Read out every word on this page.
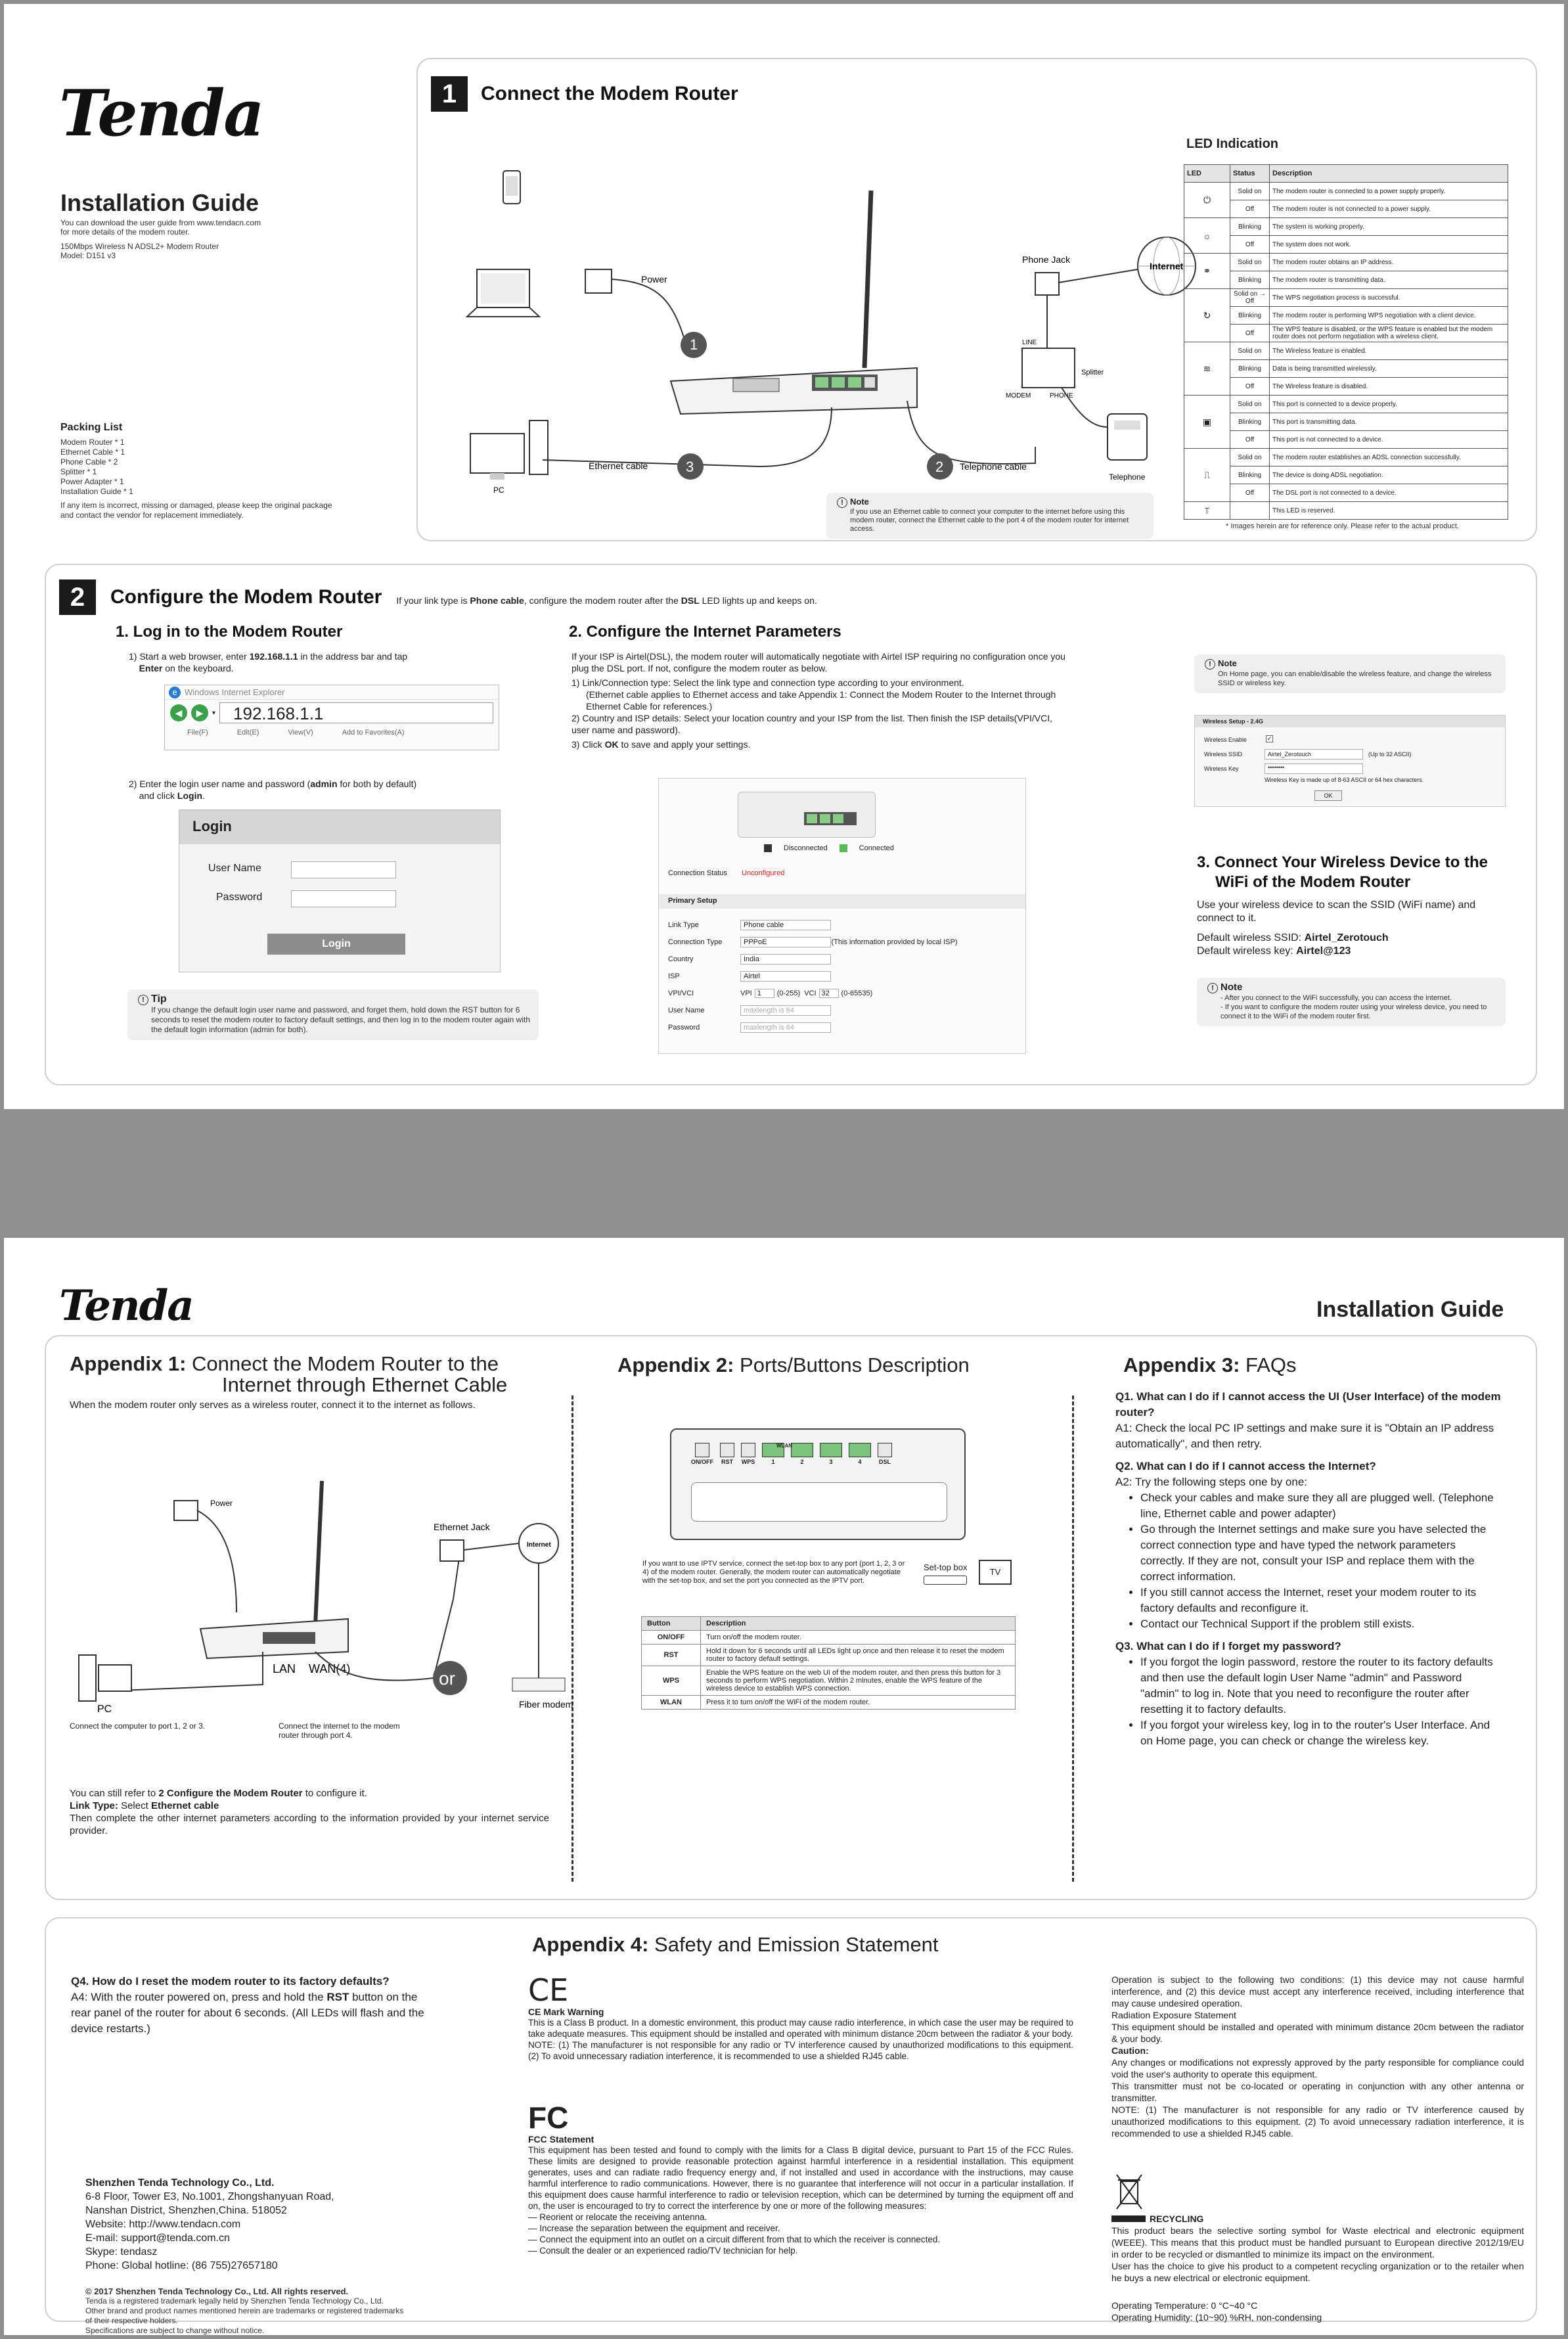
Tenda
Installation Guide
You can download the user guide from www.tendacn.com
for more details of the modem router.
150Mbps Wireless N ADSL2+ Modem Router
Model: D151 v3
Packing List
Modem Router * 1
Ethernet Cable * 1
Phone Cable * 2
Splitter * 1
Power Adapter * 1
Installation Guide * 1
If any item is incorrect, missing or damaged, please keep the original package
and contact the vendor for replacement immediately.
1	Connect the Modem Router
PC
Power
1
3
Ethernet cable	2 Telephone cable
Phone Jack
LINE
Splitter
MODEM	PHONE
Internet
Telephone
! Note
If you use an Ethernet cable to connect your computer to the internet before using this modem router, connect the Ethernet cable to the port 4 of the modem router for internet access.
LED Indication
LED	Status	Description
⏻	Solid on	The modem router is connected to a power supply properly.
	Off	The modem router is not connected to a power supply.
☼	Blinking	The system is working properly.
	Off	The system does not work.
⚭	Solid on	The modem router obtains an IP address.
	Blinking	The modem router is transmitting data.
↻	Solid on → Off	The WPS negotiation process is successful.
	Blinking	The modem router is performing WPS negotiation with a client device.
	Off	The WPS feature is disabled, or the WPS feature is enabled but the modem router does not perform negotiation with a wireless client.
≋	Solid on	The Wireless feature is enabled.
	Blinking	Data is being transmitted wirelessly.
	Off	The Wireless feature is disabled.
▣	Solid on	This port is connected to a device properly.
	Blinking	This port is transmitting data.
	Off	This port is not connected to a device.
⎍	Solid on	The modem router establishes an ADSL connection successfully.
	Blinking	The device is doing ADSL negotiation.
	Off	The DSL port is not connected to a device.
⫪		This LED is reserved.
* Images herein are for reference only. Please refer to the actual product.
2	Configure the Modem Router If your link type is Phone cable, configure the modem router after the DSL LED lights up and keeps on.
1. Log in to the Modem Router
1) Start a web browser, enter 192.168.1.1 in the address bar and tap
Enter on the keyboard.
Windows Internet Explorer
e
◀	▶	▾	192.168.1.1
File(F)	Edit(E)	View(V)	Add to Favorites(A)
2) Enter the login user name and password (admin for both by default)
and click Login.
Login
User Name
Password
Login
! Tip
If you change the default login user name and password, and forget them, hold down the RST button for 6 seconds to reset the modem router to factory default settings, and then log in to the modem router again with the default login information (admin for both).
2. Configure the Internet Parameters
If your ISP is Airtel(DSL), the modem router will automatically negotiate with Airtel ISP requiring no configuration once you plug the DSL port. If not, configure the modem router as below.
1) Link/Connection type: Select the link type and connection type according to your environment.
(Ethernet cable applies to Ethernet access and take Appendix 1: Connect the Modem Router to the Internet through Ethernet Cable for references.)
2) Country and ISP details: Select your location country and your ISP from the list. Then finish the ISP details(VPI/VCI, user name and password).
3) Click OK to save and apply your settings.
Disconnected	Connected
Connection Status Unconfigured
Primary Setup
Link Type	Phone cable
Connection Type	PPPoE	(This information provided by local ISP)
Country	India
ISP	Airtel
VPI/VCI	VPI 1	(0-255) VCI 32	(0-65535)
User Name	maxlength is 64
Password	maxlength is 64
! Note
On Home page, you can enable/disable the wireless feature, and change the wireless SSID or wireless key.
Wireless Setup - 2.4G
Wireless Enable	✓
Wireless SSID	Airtel_Zerotouch	(Up to 32 ASCII)
Wireless Key	••••••••
Wireless Key is made up of 8-63 ASCII or 64 hex characters.
OK
3. Connect Your Wireless Device to the
WiFi of the Modem Router
Use your wireless device to scan the SSID (WiFi name) and connect to it.
Default wireless SSID: Airtel_Zerotouch
Default wireless key: Airtel@123
! Note
- After you connect to the WiFi successfully, you can access the internet.
- If you want to configure the modem router using your wireless device, you need to connect it to the WiFi of the modem router first.
Tenda	Installation Guide
Appendix 1: Connect the Modem Router to the
Internet through Ethernet Cable
When the modem router only serves as a wireless router, connect it to the internet as follows.
Power
LAN WAN(4)
Ethernet Jack
Internet
or
Fiber modem
PC
Connect the computer to port 1, 2 or 3.	Connect the internet to the modem router through port 4.
You can still refer to 2 Configure the Modem Router to configure it.
Link Type: Select Ethernet cable
Then complete the other internet parameters according to the information provided by your internet service provider.
Appendix 2: Ports/Buttons Description
ON/OFF RST WPS	1	2	3	4	DSL
WLAN
If you want to use IPTV service, connect the set-top box to any port (port 1, 2, 3 or 4) of the modem router. Generally, the modem router can automatically negotiate with the set-top box, and set the port you connected as the IPTV port.
Set-top box	TV
Button	Description
ON/OFF	Turn on/off the modem router.
RST	Hold it down for 6 seconds until all LEDs light up once and then release it to reset the modem router to factory default settings.
WPS	Enable the WPS feature on the web UI of the modem router, and then press this button for 3 seconds to perform WPS negotiation. Within 2 minutes, enable the WPS feature of the wireless device to establish WPS connection.
WLAN	Press it to turn on/off the WiFi of the modem router.
Appendix 3: FAQs
Q1. What can I do if I cannot access the UI (User Interface) of the modem router?
A1: Check the local PC IP settings and make sure it is "Obtain an IP address automatically", and then retry.
Q2. What can I do if I cannot access the Internet?
A2: Try the following steps one by one:
• Check your cables and make sure they all are plugged well. (Telephone line, Ethernet cable and power adapter)
• Go through the Internet settings and make sure you have selected the correct connection type and have typed the network parameters correctly. If they are not, consult your ISP and replace them with the correct information.
• If you still cannot access the Internet, reset your modem router to its factory defaults and reconfigure it.
• Contact our Technical Support if the problem still exists.
Q3. What can I do if I forget my password?
• If you forgot the login password, restore the router to its factory defaults and then use the default login User Name "admin" and Password "admin" to log in. Note that you need to reconfigure the router after resetting it to factory defaults.
• If you forgot your wireless key, log in to the router's User Interface. And on Home page, you can check or change the wireless key.
Appendix 4: Safety and Emission Statement
Q4. How do I reset the modem router to its factory defaults?
A4: With the router powered on, press and hold the RST button on the rear panel of the router for about 6 seconds. (All LEDs will flash and the device restarts.)
Shenzhen Tenda Technology Co., Ltd.
6-8 Floor, Tower E3, No.1001, Zhongshanyuan Road,
Nanshan District, Shenzhen,China. 518052
Website: http://www.tendacn.com
E-mail: support@tenda.com.cn
Skype: tendasz
Phone: Global hotline: (86 755)27657180
© 2017 Shenzhen Tenda Technology Co., Ltd. All rights reserved.
Tenda is a registered trademark legally held by Shenzhen Tenda Technology Co., Ltd.
Other brand and product names mentioned herein are trademarks or registered trademarks
of their respective holders.
Specifications are subject to change without notice.
CE
CE Mark Warning
This is a Class B product. In a domestic environment, this product may cause radio interference, in which case the user may be required to take adequate measures. This equipment should be installed and operated with minimum distance 20cm between the radiator & your body.
NOTE: (1) The manufacturer is not responsible for any radio or TV interference caused by unauthorized modifications to this equipment. (2) To avoid unnecessary radiation interference, it is recommended to use a shielded RJ45 cable.
FC
FCC Statement
This equipment has been tested and found to comply with the limits for a Class B digital device, pursuant to Part 15 of the FCC Rules. These limits are designed to provide reasonable protection against harmful interference in a residential installation. This equipment generates, uses and can radiate radio frequency energy and, if not installed and used in accordance with the instructions, may cause harmful interference to radio communications. However, there is no guarantee that interference will not occur in a particular installation. If this equipment does cause harmful interference to radio or television reception, which can be determined by turning the equipment off and on, the user is encouraged to try to correct the interference by one or more of the following measures:
— Reorient or relocate the receiving antenna.
— Increase the separation between the equipment and receiver.
— Connect the equipment into an outlet on a circuit different from that to which the receiver is connected.
— Consult the dealer or an experienced radio/TV technician for help.
Operation is subject to the following two conditions: (1) this device may not cause harmful interference, and (2) this device must accept any interference received, including interference that may cause undesired operation.
Radiation Exposure Statement
This equipment should be installed and operated with minimum distance 20cm between the radiator & your body.
Caution:
Any changes or modifications not expressly approved by the party responsible for compliance could void the user's authority to operate this equipment.
This transmitter must not be co-located or operating in conjunction with any other antenna or transmitter.
NOTE: (1) The manufacturer is not responsible for any radio or TV interference caused by unauthorized modifications to this equipment. (2) To avoid unnecessary radiation interference, it is recommended to use a shielded RJ45 cable.
RECYCLING
This product bears the selective sorting symbol for Waste electrical and electronic equipment (WEEE). This means that this product must be handled pursuant to European directive 2012/19/EU in order to be recycled or dismantled to minimize its impact on the environment.
User has the choice to give his product to a competent recycling organization or to the retailer when he buys a new electrical or electronic equipment.
Operating Temperature: 0 °C~40 °C
Operating Humidity: (10~90) %RH, non-condensing
